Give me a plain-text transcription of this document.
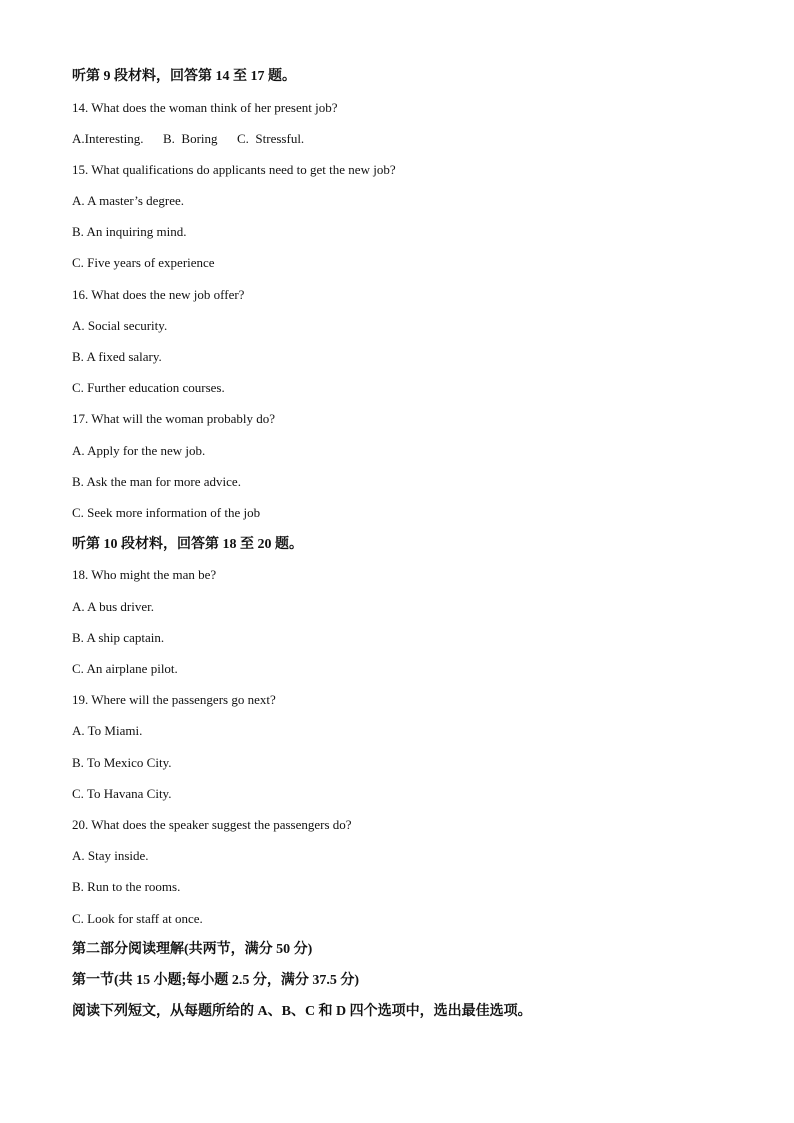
听第 9 段材料，回答第 14 至 17 题。
14. What does the woman think of her present job?
A.Interesting.      B.  Boring      C.  Stressful.
15. What qualifications do applicants need to get the new job?
A. A master’s degree.
B. An inquiring mind.
C. Five years of experience
16. What does the new job offer?
A. Social security.
B. A fixed salary.
C. Further education courses.
17. What will the woman probably do?
A. Apply for the new job.
B. Ask the man for more advice.
C. Seek more information of the job
听第 10 段材料，回答第 18 至 20 题。
18. Who might the man be?
A. A bus driver.
B. A ship captain.
C. An airplane pilot.
19. Where will the passengers go next?
A. To Miami.
B. To Mexico City.
C. To Havana City.
20. What does the speaker suggest the passengers do?
A. Stay inside.
B. Run to the rooms.
C. Look for staff at once.
第二部分阅读理解(共两节，满分 50 分)
第一节(共 15 小题;每小题 2.5 分，满分 37.5 分)
阅读下列短文，从每题所给的 A、B、C 和 D 四个选项中，选出最佳选项。
